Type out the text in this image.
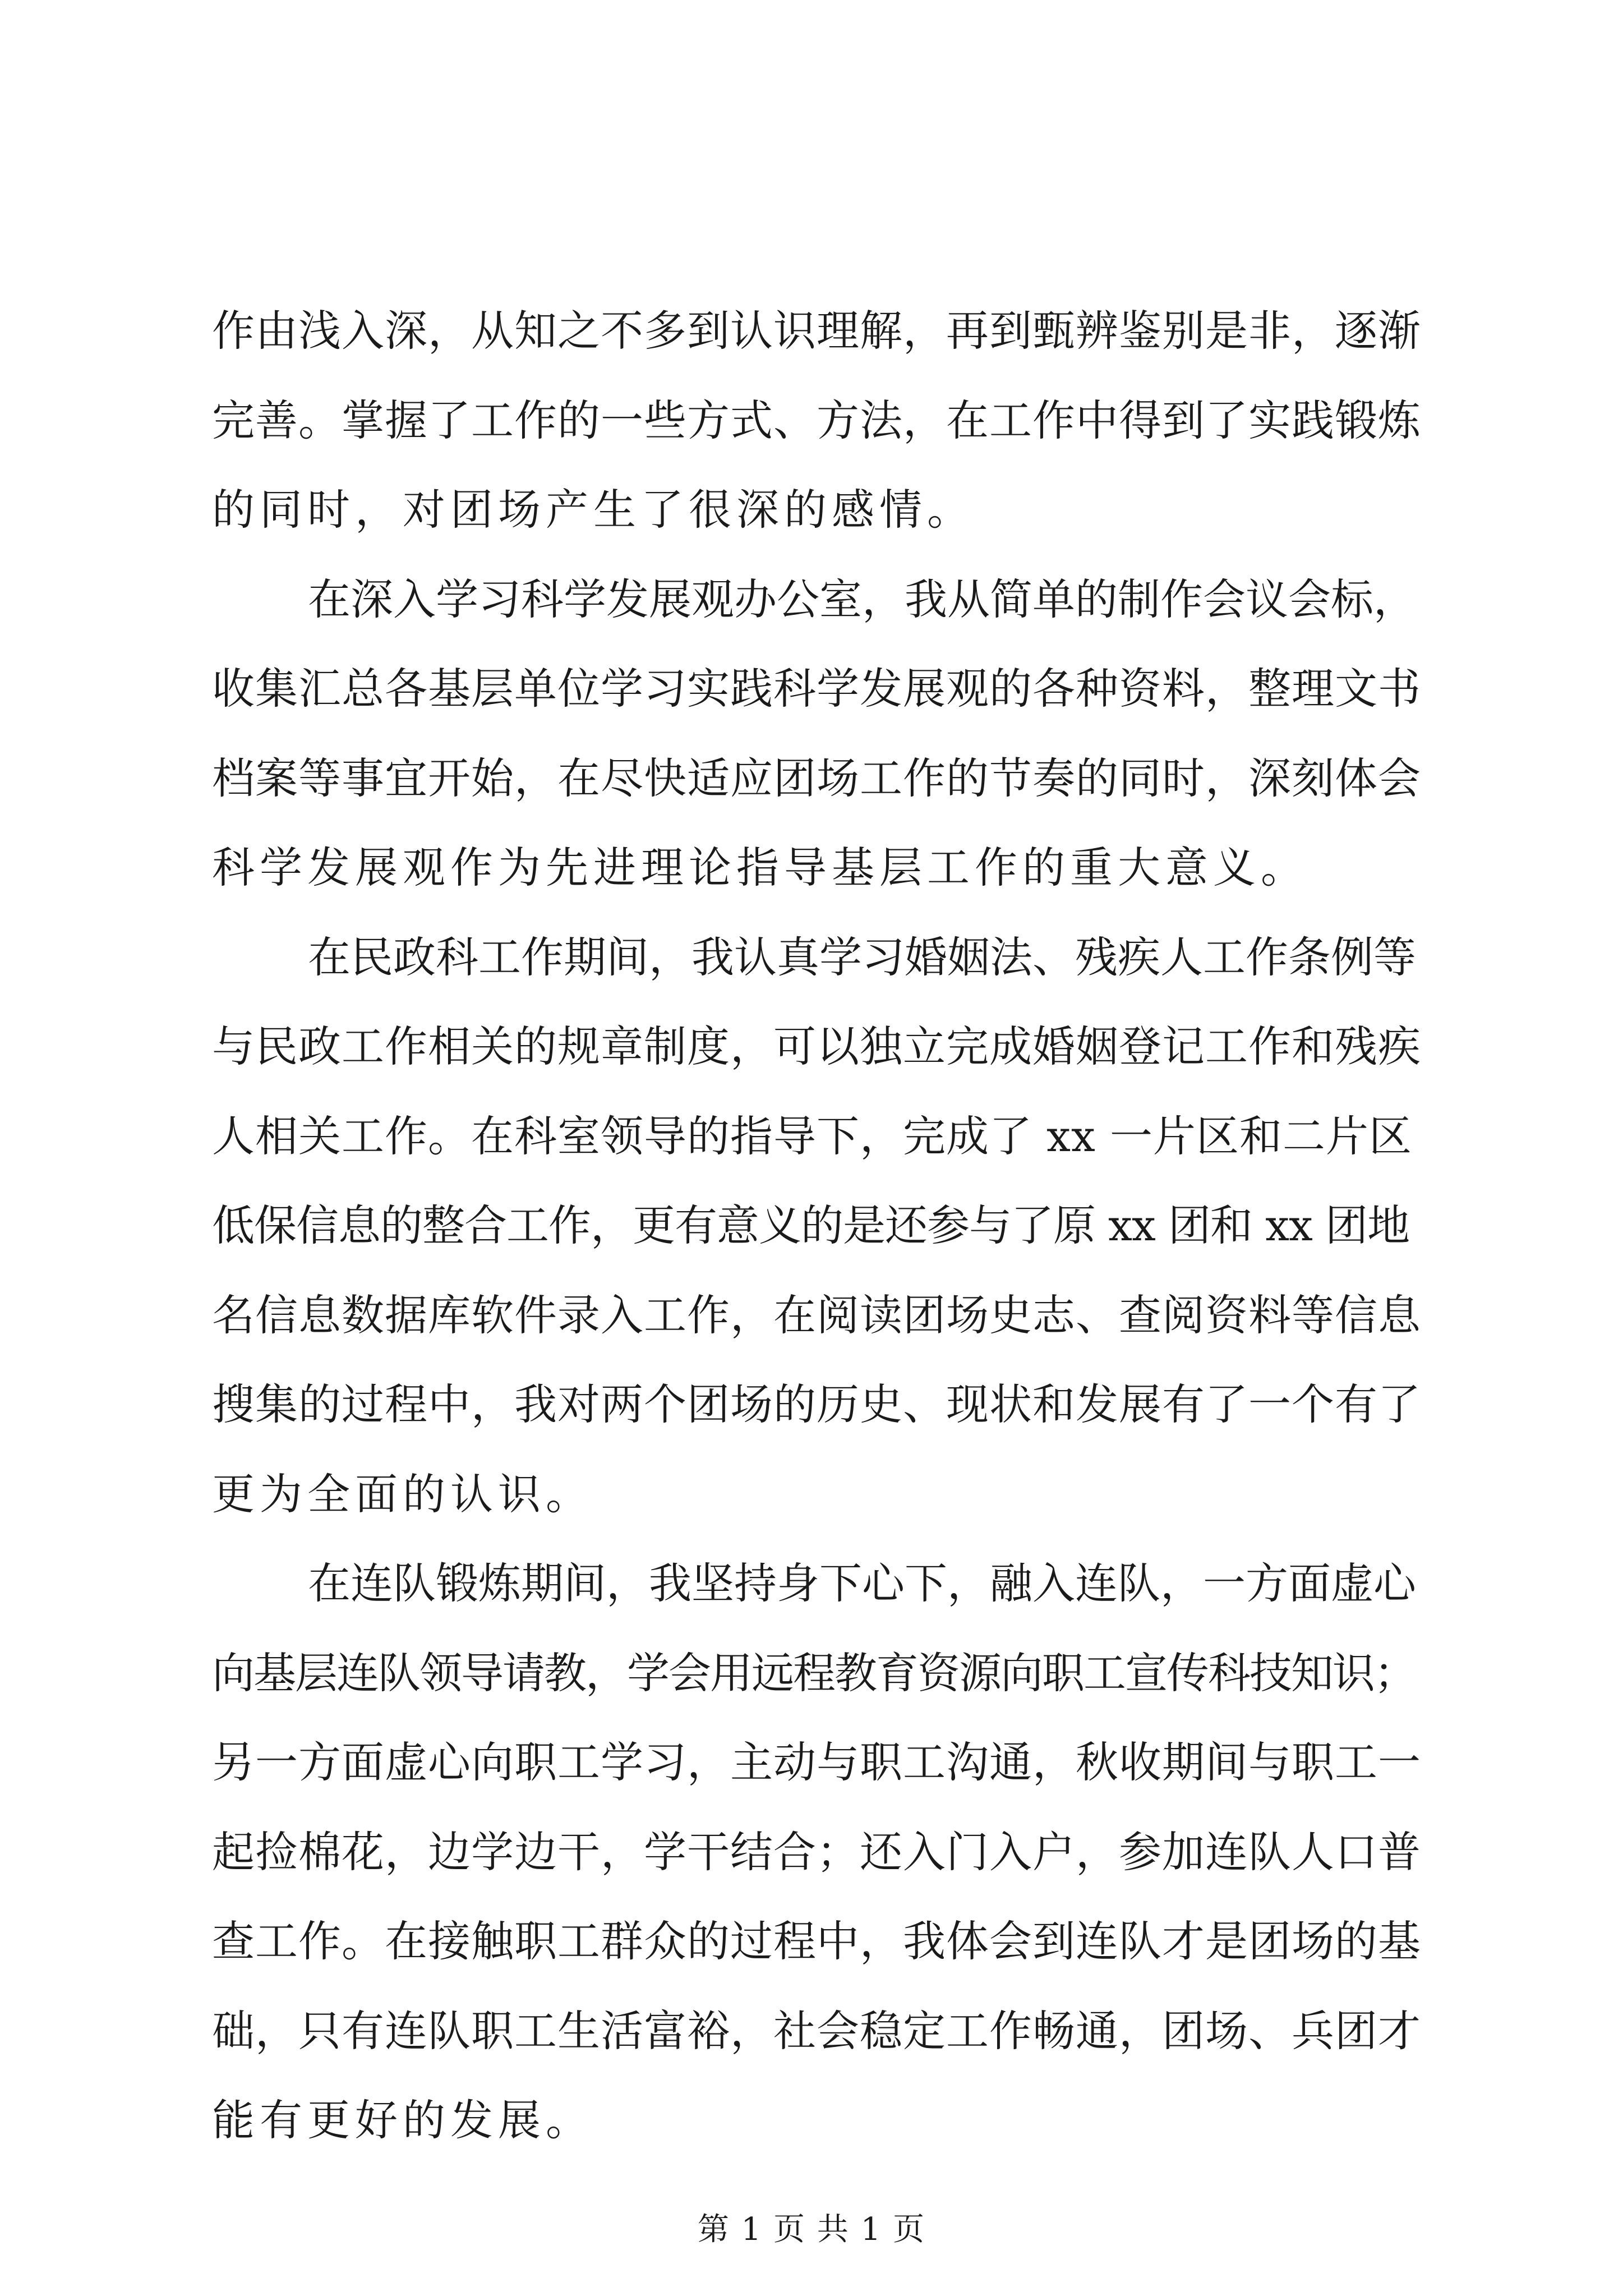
作由浅入深，从知之不多到认识理解，再到甄辨鉴别是非，逐渐
完善。掌握了工作的一些方式、方法，在工作中得到了实践锻炼
的同时，对团场产生了很深的感情。
在深入学习科学发展观办公室，我从简单的制作会议会标，
收集汇总各基层单位学习实践科学发展观的各种资料，整理文书
档案等事宜开始，在尽快适应团场工作的节奏的同时，深刻体会
科学发展观作为先进理论指导基层工作的重大意义。
在民政科工作期间，我认真学习婚姻法、残疾人工作条例等
与民政工作相关的规章制度，可以独立完成婚姻登记工作和残疾
人相关工作。在科室领导的指导下，完成了 xx 一片区和二片区
低保信息的整合工作，更有意义的是还参与了原 xx 团和 xx 团地
名信息数据库软件录入工作，在阅读团场史志、查阅资料等信息
搜集的过程中，我对两个团场的历史、现状和发展有了一个有了
更为全面的认识。
在连队锻炼期间，我坚持身下心下，融入连队，一方面虚心
向基层连队领导请教，学会用远程教育资源向职工宣传科技知识；
另一方面虚心向职工学习，主动与职工沟通，秋收期间与职工一
起捡棉花，边学边干，学干结合；还入门入户，参加连队人口普
查工作。在接触职工群众的过程中，我体会到连队才是团场的基
础，只有连队职工生活富裕，社会稳定工作畅通，团场、兵团才
能有更好的发展。
第 1 页 共 1 页
